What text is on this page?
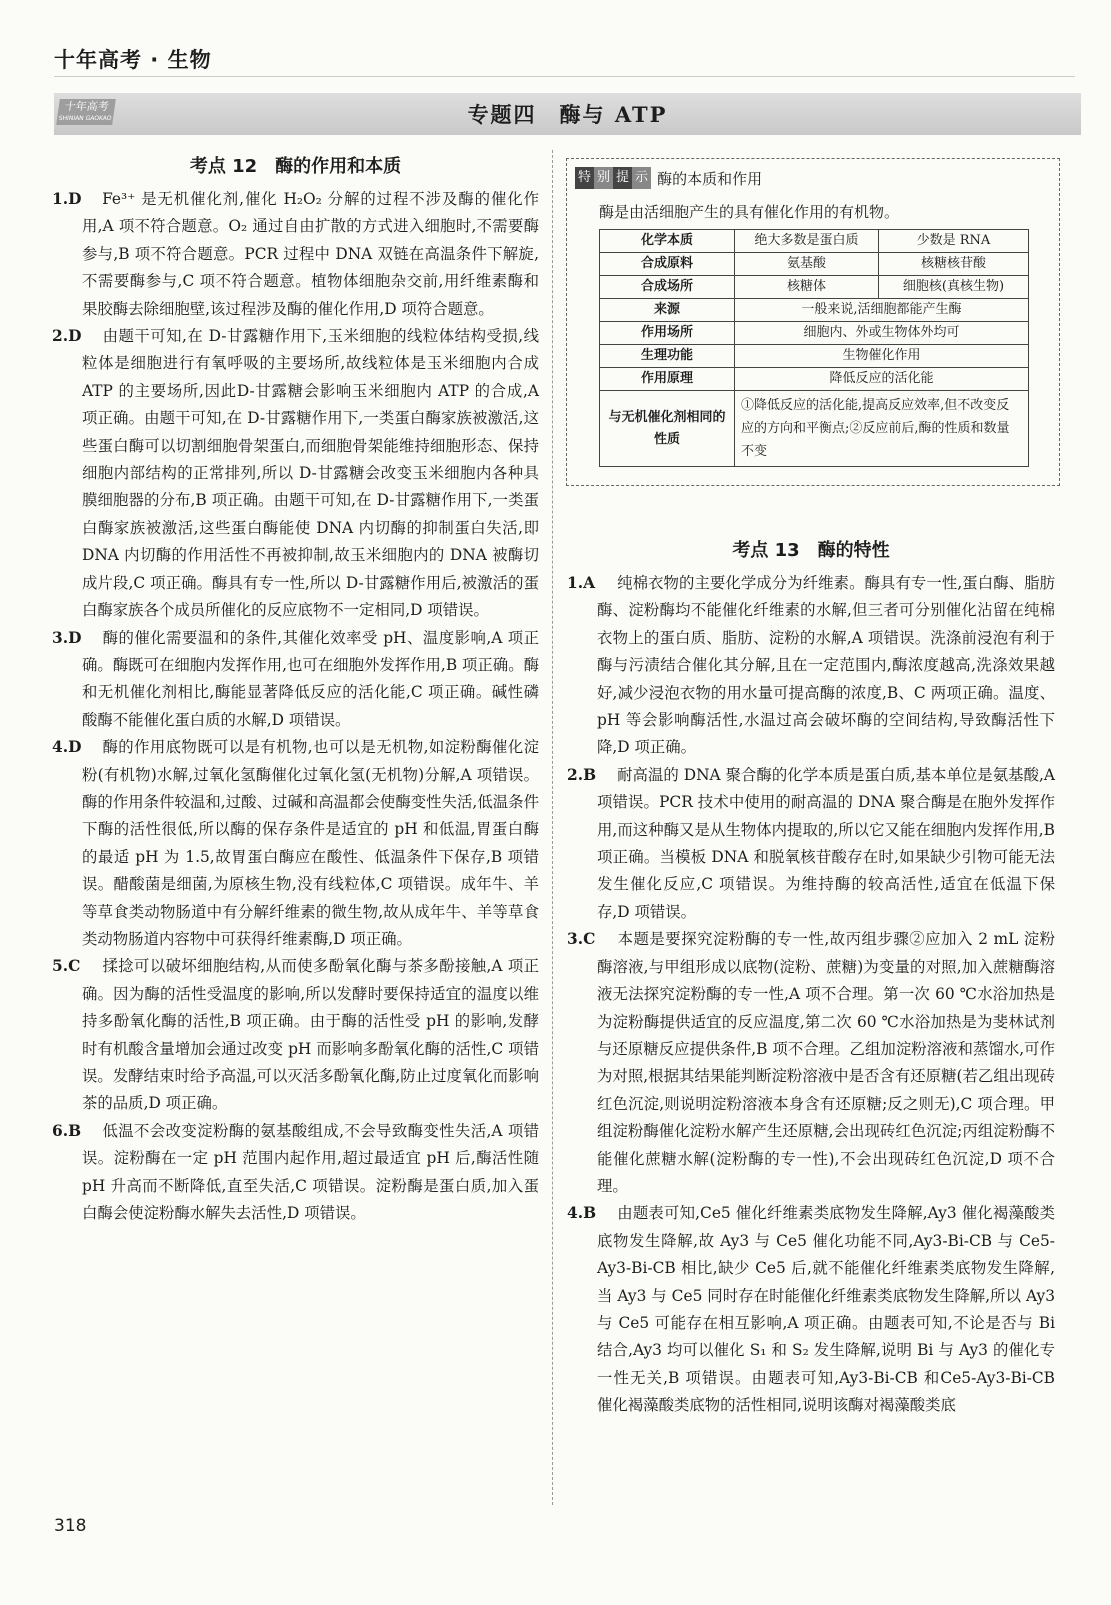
十年高考 · 生物
十年高考
SHINIAN GAOKAO	专题四　酶与 ATP
考点 12　酶的作用和本质

1.D Fe³⁺ 是无机催化剂,催化 H₂O₂ 分解的过程不涉及酶的催化作用,A 项不符合题意。O₂ 通过自由扩散的方式进入细胞时,不需要酶参与,B 项不符合题意。PCR 过程中 DNA 双链在高温条件下解旋,不需要酶参与,C 项不符合题意。植物体细胞杂交前,用纤维素酶和果胶酶去除细胞壁,该过程涉及酶的催化作用,D 项符合题意。

2.D 由题干可知,在 D-甘露糖作用下,玉米细胞的线粒体结构受损,线粒体是细胞进行有氧呼吸的主要场所,故线粒体是玉米细胞内合成 ATP 的主要场所,因此D-甘露糖会影响玉米细胞内 ATP 的合成,A 项正确。由题干可知,在 D-甘露糖作用下,一类蛋白酶家族被激活,这些蛋白酶可以切割细胞骨架蛋白,而细胞骨架能维持细胞形态、保持细胞内部结构的正常排列,所以 D-甘露糖会改变玉米细胞内各种具膜细胞器的分布,B 项正确。由题干可知,在 D-甘露糖作用下,一类蛋白酶家族被激活,这些蛋白酶能使 DNA 内切酶的抑制蛋白失活,即 DNA 内切酶的作用活性不再被抑制,故玉米细胞内的 DNA 被酶切成片段,C 项正确。酶具有专一性,所以 D-甘露糖作用后,被激活的蛋白酶家族各个成员所催化的反应底物不一定相同,D 项错误。

3.D 酶的催化需要温和的条件,其催化效率受 pH、温度影响,A 项正确。酶既可在细胞内发挥作用,也可在细胞外发挥作用,B 项正确。酶和无机催化剂相比,酶能显著降低反应的活化能,C 项正确。碱性磷酸酶不能催化蛋白质的水解,D 项错误。

4.D 酶的作用底物既可以是有机物,也可以是无机物,如淀粉酶催化淀粉(有机物)水解,过氧化氢酶催化过氧化氢(无机物)分解,A 项错误。酶的作用条件较温和,过酸、过碱和高温都会使酶变性失活,低温条件下酶的活性很低,所以酶的保存条件是适宜的 pH 和低温,胃蛋白酶的最适 pH 为 1.5,故胃蛋白酶应在酸性、低温条件下保存,B 项错误。醋酸菌是细菌,为原核生物,没有线粒体,C 项错误。成年牛、羊等草食类动物肠道中有分解纤维素的微生物,故从成年牛、羊等草食类动物肠道内容物中可获得纤维素酶,D 项正确。

5.C 揉捻可以破坏细胞结构,从而使多酚氧化酶与茶多酚接触,A 项正确。因为酶的活性受温度的影响,所以发酵时要保持适宜的温度以维持多酚氧化酶的活性,B 项正确。由于酶的活性受 pH 的影响,发酵时有机酸含量增加会通过改变 pH 而影响多酚氧化酶的活性,C 项错误。发酵结束时给予高温,可以灭活多酚氧化酶,防止过度氧化而影响茶的品质,D 项正确。

6.B 低温不会改变淀粉酶的氨基酸组成,不会导致酶变性失活,A 项错误。淀粉酶在一定 pH 范围内起作用,超过最适宜 pH 后,酶活性随 pH 升高而不断降低,直至失活,C 项错误。淀粉酶是蛋白质,加入蛋白酶会使淀粉酶水解失去活性,D 项错误。

特 别 提 示 酶的本质和作用
酶是由活细胞产生的具有催化作用的有机物。
化学本质	绝大多数是蛋白质	少数是 RNA
合成原料	氨基酸	核糖核苷酸
合成场所	核糖体	细胞核(真核生物)
来源	一般来说,活细胞都能产生酶	
作用场所	细胞内、外或生物体外均可	
生理功能	生物催化作用	
作用原理	降低反应的活化能	
与无机催化剂相同的性质	①降低反应的活化能,提高反应效率,但不改变反应的方向和平衡点;②反应前后,酶的性质和数量不变	
考点 13　酶的特性

1.A 纯棉衣物的主要化学成分为纤维素。酶具有专一性,蛋白酶、脂肪酶、淀粉酶均不能催化纤维素的水解,但三者可分别催化沾留在纯棉衣物上的蛋白质、脂肪、淀粉的水解,A 项错误。洗涤前浸泡有利于酶与污渍结合催化其分解,且在一定范围内,酶浓度越高,洗涤效果越好,减少浸泡衣物的用水量可提高酶的浓度,B、C 两项正确。温度、pH 等会影响酶活性,水温过高会破坏酶的空间结构,导致酶活性下降,D 项正确。

2.B 耐高温的 DNA 聚合酶的化学本质是蛋白质,基本单位是氨基酸,A 项错误。PCR 技术中使用的耐高温的 DNA 聚合酶是在胞外发挥作用,而这种酶又是从生物体内提取的,所以它又能在细胞内发挥作用,B 项正确。当模板 DNA 和脱氧核苷酸存在时,如果缺少引物可能无法发生催化反应,C 项错误。为维持酶的较高活性,适宜在低温下保存,D 项错误。

3.C 本题是要探究淀粉酶的专一性,故丙组步骤②应加入 2 mL 淀粉酶溶液,与甲组形成以底物(淀粉、蔗糖)为变量的对照,加入蔗糖酶溶液无法探究淀粉酶的专一性,A 项不合理。第一次 60 ℃水浴加热是为淀粉酶提供适宜的反应温度,第二次 60 ℃水浴加热是为斐林试剂与还原糖反应提供条件,B 项不合理。乙组加淀粉溶液和蒸馏水,可作为对照,根据其结果能判断淀粉溶液中是否含有还原糖(若乙组出现砖红色沉淀,则说明淀粉溶液本身含有还原糖;反之则无),C 项合理。甲组淀粉酶催化淀粉水解产生还原糖,会出现砖红色沉淀;丙组淀粉酶不能催化蔗糖水解(淀粉酶的专一性),不会出现砖红色沉淀,D 项不合理。

4.B 由题表可知,Ce5 催化纤维素类底物发生降解,Ay3 催化褐藻酸类底物发生降解,故 Ay3 与 Ce5 催化功能不同,Ay3-Bi-CB 与 Ce5-Ay3-Bi-CB 相比,缺少 Ce5 后,就不能催化纤维素类底物发生降解,当 Ay3 与 Ce5 同时存在时能催化纤维素类底物发生降解,所以 Ay3 与 Ce5 可能存在相互影响,A 项正确。由题表可知,不论是否与 Bi 结合,Ay3 均可以催化 S₁ 和 S₂ 发生降解,说明 Bi 与 Ay3 的催化专一性无关,B 项错误。由题表可知,Ay3-Bi-CB 和Ce5-Ay3-Bi-CB 催化褐藻酸类底物的活性相同,说明该酶对褐藻酸类底

318
